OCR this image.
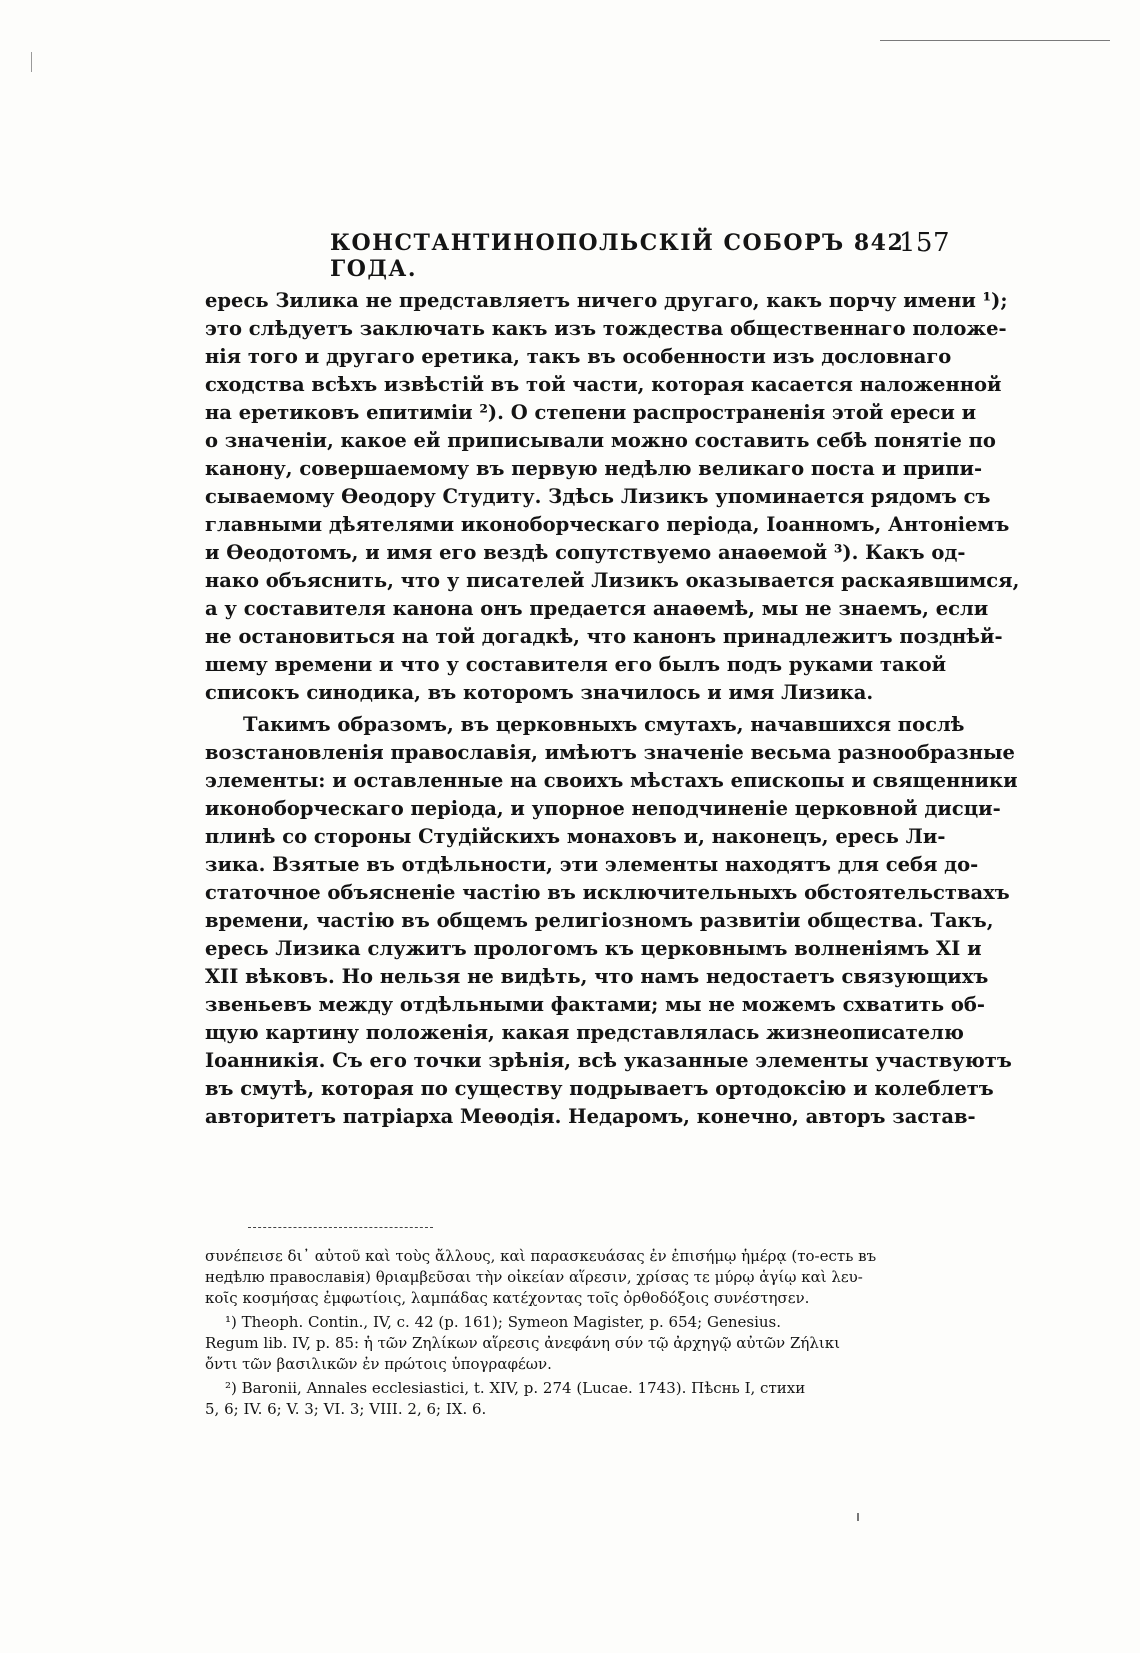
КОНСТАНТИНОПОЛЬСКІЙ СОБОРЪ 842 ГОДА.
157
ересь Зилика не представляетъ ничего другаго, какъ порчу имени ¹);
это слѣдуетъ заключать какъ изъ тождества общественнаго положе-
нія того и другаго еретика, такъ въ особенности изъ дословнаго
сходства всѣхъ извѣстій въ той части, которая касается наложенной
на еретиковъ епитиміи ²). О степени распространенія этой ереси и
о значеніи, какое ей приписывали можно составить себѣ понятіе по
канону, совершаемому въ первую недѣлю великаго поста и припи-
сываемому Ѳеодору Студиту. Здѣсь Лизикъ упоминается рядомъ съ
главными дѣятелями иконоборческаго періода, Іоанномъ, Антоніемъ
и Ѳеодотомъ, и имя его вездѣ сопутствуемо анаѳемой ³). Какъ од-
нако объяснить, что у писателей Лизикъ оказывается раскаявшимся,
а у составителя канона онъ предается анаѳемѣ, мы не знаемъ, если
не остановиться на той догадкѣ, что канонъ принадлежитъ позднѣй-
шему времени и что у составителя его былъ подъ руками такой
списокъ синодика, въ которомъ значилось и имя Лизика.
Такимъ образомъ, въ церковныхъ смутахъ, начавшихся послѣ
возстановленія православія, имѣютъ значеніе весьма разнообразные
элементы: и оставленные на своихъ мѣстахъ епископы и священники
иконоборческаго періода, и упорное неподчиненіе церковной дисци-
плинѣ со стороны Студійскихъ монаховъ и, наконецъ, ересь Ли-
зика. Взятые въ отдѣльности, эти элементы находятъ для себя до-
статочное объясненіе частію въ исключительныхъ обстоятельствахъ
времени, частію въ общемъ религіозномъ развитіи общества. Такъ,
ересь Лизика служитъ прологомъ къ церковнымъ волненіямъ XI и
XII вѣковъ. Но нельзя не видѣть, что намъ недостаетъ связующихъ
звеньевъ между отдѣльными фактами; мы не можемъ схватить об-
щую картину положенія, какая представлялась жизнеописателю
Іоанникія. Съ его точки зрѣнія, всѣ указанные элементы участвуютъ
въ смутѣ, которая по существу подрываетъ ортодоксію и колеблетъ
авторитетъ патріарха Меѳодія. Недаромъ, конечно, авторъ застав-
συνέπεισε δι᾽ αὐτοῦ καὶ τοὺς ἄλλους, καὶ παρασκευάσας ἐν ἐπισήμῳ ἡμέρᾳ (то-есть въ
недѣлю православія) θριαμβεῦσαι τὴν οἰκείαν αἵρεσιν, χρίσας τε μύρῳ ἁγίῳ καὶ λευ-
κοῖς κοσμήσας ἐμφωτίοις, λαμπάδας κατέχοντας τοῖς ὀρθοδόξοις συνέστησεν.
¹) Theoph. Contin., IV, c. 42 (p. 161); Symeon Magister, p. 654; Genesius.
Regum lib. IV, p. 85: ἡ τῶν Ζηλίκων αἵρεσις ἀνεφάνη σύν τῷ ἀρχηγῷ αὐτῶν Ζήλικι
ὄντι τῶν βασιλικῶν ἐν πρώτοις ὑπογραφέων.
²) Baronii, Annales ecclesiastici, t. XIV, p. 274 (Lucae. 1743). Пѣснь I, стихи
5, 6; IV. 6; V. 3; VI. 3; VIII. 2, 6; IX. 6.
